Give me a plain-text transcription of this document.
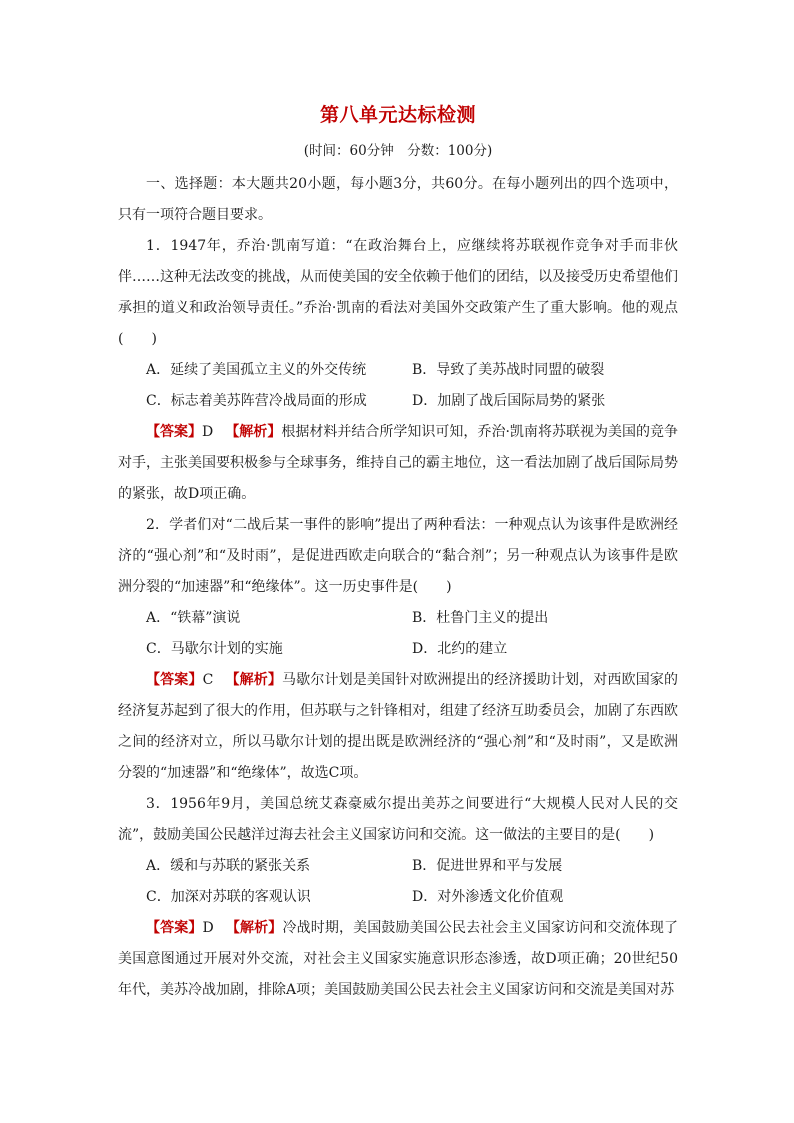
第八单元达标检测
(时间：60分钟　分数：100分)

一、选择题：本大题共20小题，每小题3分，共60分。在每小题列出的四个选项中，只有一项符合题目要求。

1．1947年，乔治·凯南写道：“在政治舞台上，应继续将苏联视作竞争对手而非伙伴……这种无法改变的挑战，从而使美国的安全依赖于他们的团结，以及接受历史希望他们承担的道义和政治领导责任。”乔治·凯南的看法对美国外交政策产生了重大影响。他的观点(　　)

A．延续了美国孤立主义的外交传统	B．导致了美苏战时同盟的破裂
C．标志着美苏阵营冷战局面的形成	D．加剧了战后国际局势的紧张

【答案】D 【解析】根据材料并结合所学知识可知，乔治·凯南将苏联视为美国的竞争对手，主张美国要积极参与全球事务，维持自己的霸主地位，这一看法加剧了战后国际局势的紧张，故D项正确。

2．学者们对“二战后某一事件的影响”提出了两种看法：一种观点认为该事件是欧洲经济的“强心剂”和“及时雨”，是促进西欧走向联合的“黏合剂”；另一种观点认为该事件是欧洲分裂的“加速器”和“绝缘体”。这一历史事件是(　　)

A．“铁幕”演说	B．杜鲁门主义的提出
C．马歇尔计划的实施	D．北约的建立

【答案】C 【解析】马歇尔计划是美国针对欧洲提出的经济援助计划，对西欧国家的经济复苏起到了很大的作用，但苏联与之针锋相对，组建了经济互助委员会，加剧了东西欧之间的经济对立，所以马歇尔计划的提出既是欧洲经济的“强心剂”和“及时雨”，又是欧洲分裂的“加速器”和“绝缘体”，故选C项。

3．1956年9月，美国总统艾森豪威尔提出美苏之间要进行“大规模人民对人民的交流”，鼓励美国公民越洋过海去社会主义国家访问和交流。这一做法的主要目的是(　　)

A．缓和与苏联的紧张关系	B．促进世界和平与发展
C．加深对苏联的客观认识	D．对外渗透文化价值观

【答案】D 【解析】冷战时期，美国鼓励美国公民去社会主义国家访问和交流体现了美国意图通过开展对外交流，对社会主义国家实施意识形态渗透，故D项正确；20世纪50年代，美苏冷战加剧，排除A项；美国鼓励美国公民去社会主义国家访问和交流是美国对苏
